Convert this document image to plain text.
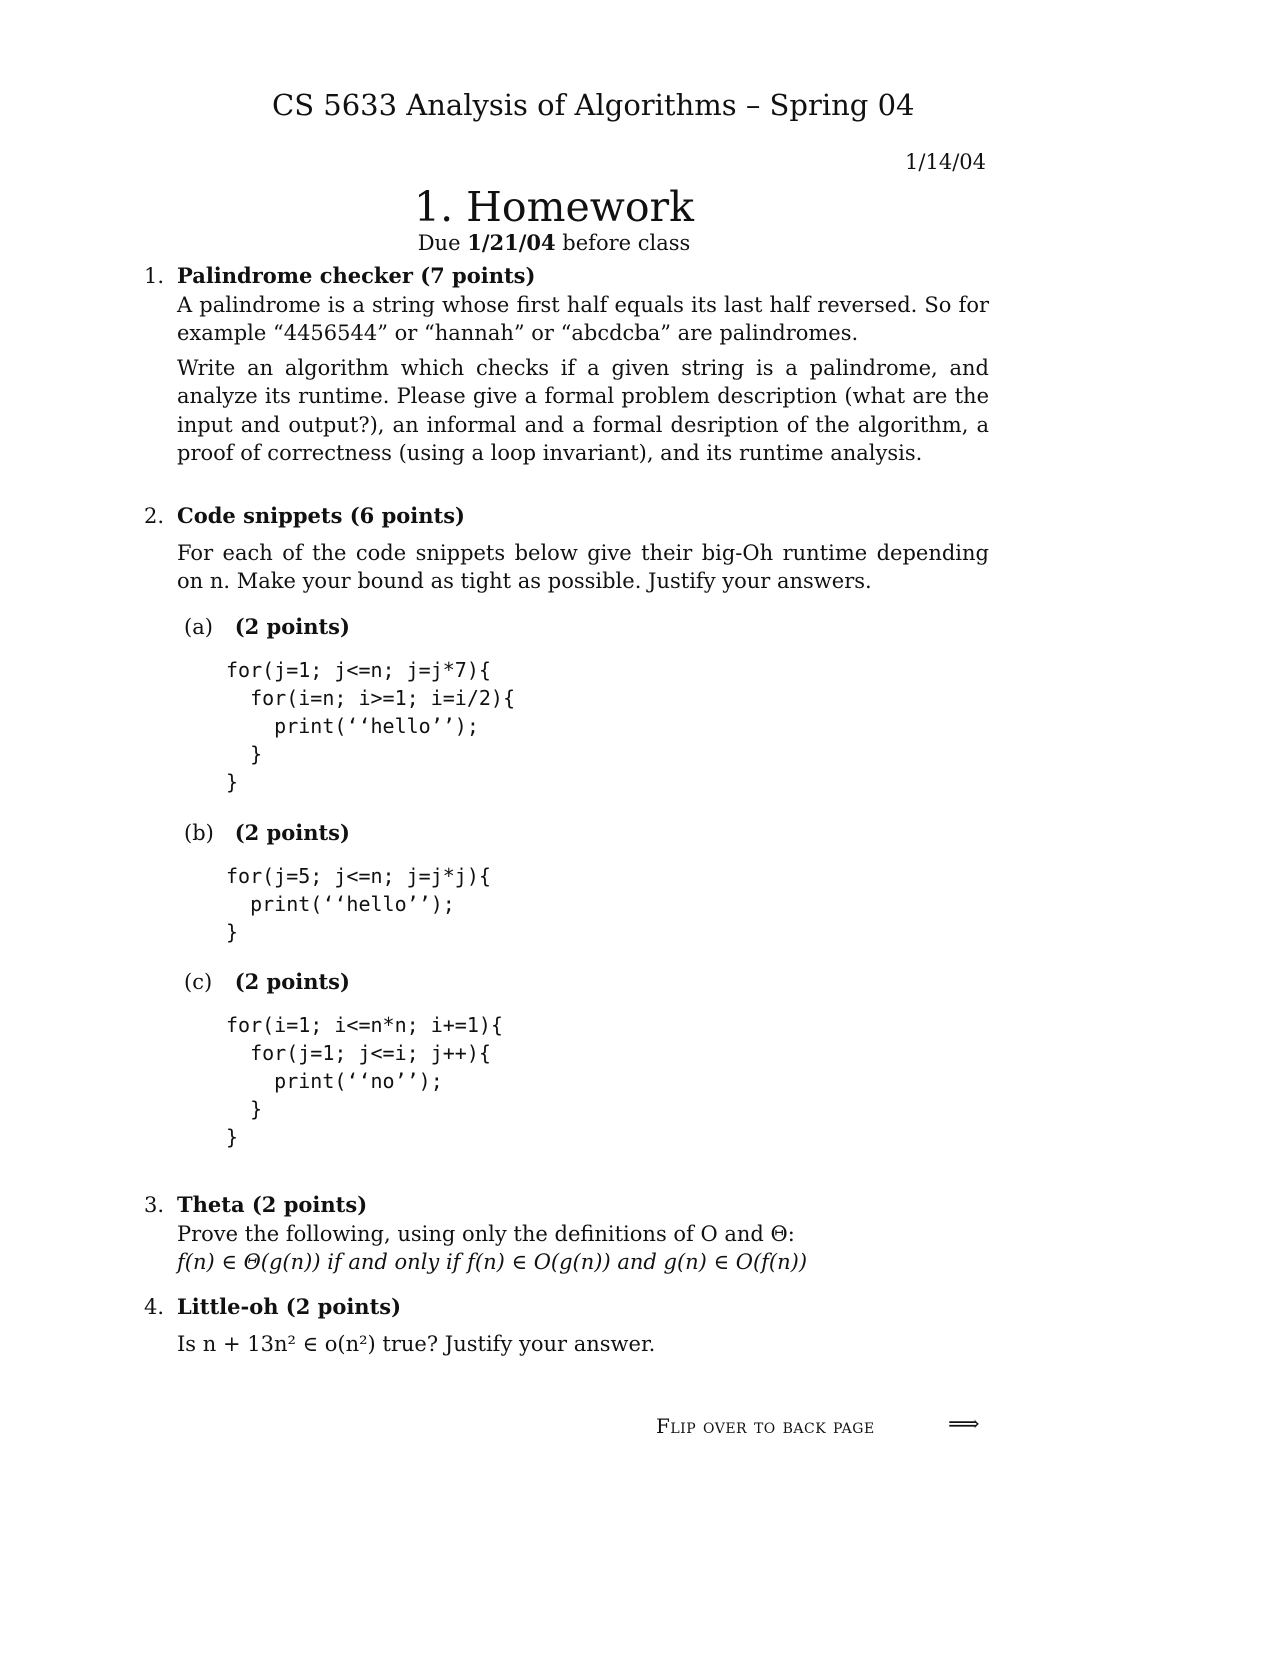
CS 5633 Analysis of Algorithms – Spring 04
1/14/04
1. Homework
Due 1/21/04 before class
1. Palindrome checker (7 points)
A palindrome is a string whose first half equals its last half reversed. So for example “4456544” or “hannah” or “abcdcba” are palindromes.
Write an algorithm which checks if a given string is a palindrome, and analyze its runtime. Please give a formal problem description (what are the input and output?), an informal and a formal desription of the algorithm, a proof of correctness (using a loop invariant), and its runtime analysis.
2. Code snippets (6 points)
For each of the code snippets below give their big-Oh runtime depending on n. Make your bound as tight as possible. Justify your answers.
(a) (2 points)
for(j=1; j<=n; j=j*7){
for(i=n; i>=1; i=i/2){
print(‘‘hello’’);
}
}
(b) (2 points)
for(j=5; j<=n; j=j*j){
print(‘‘hello’’);
}
(c) (2 points)
for(i=1; i<=n*n; i+=1){
for(j=1; j<=i; j++){
print(‘‘no’’);
}
}
3. Theta (2 points)
Prove the following, using only the definitions of O and Θ:
f(n) ∈ Θ(g(n)) if and only if f(n) ∈ O(g(n)) and g(n) ∈ O(f(n))
4. Little-oh (2 points)
Is n + 13n² ∈ o(n²) true? Justify your answer.
Flip over to back page	⟹
